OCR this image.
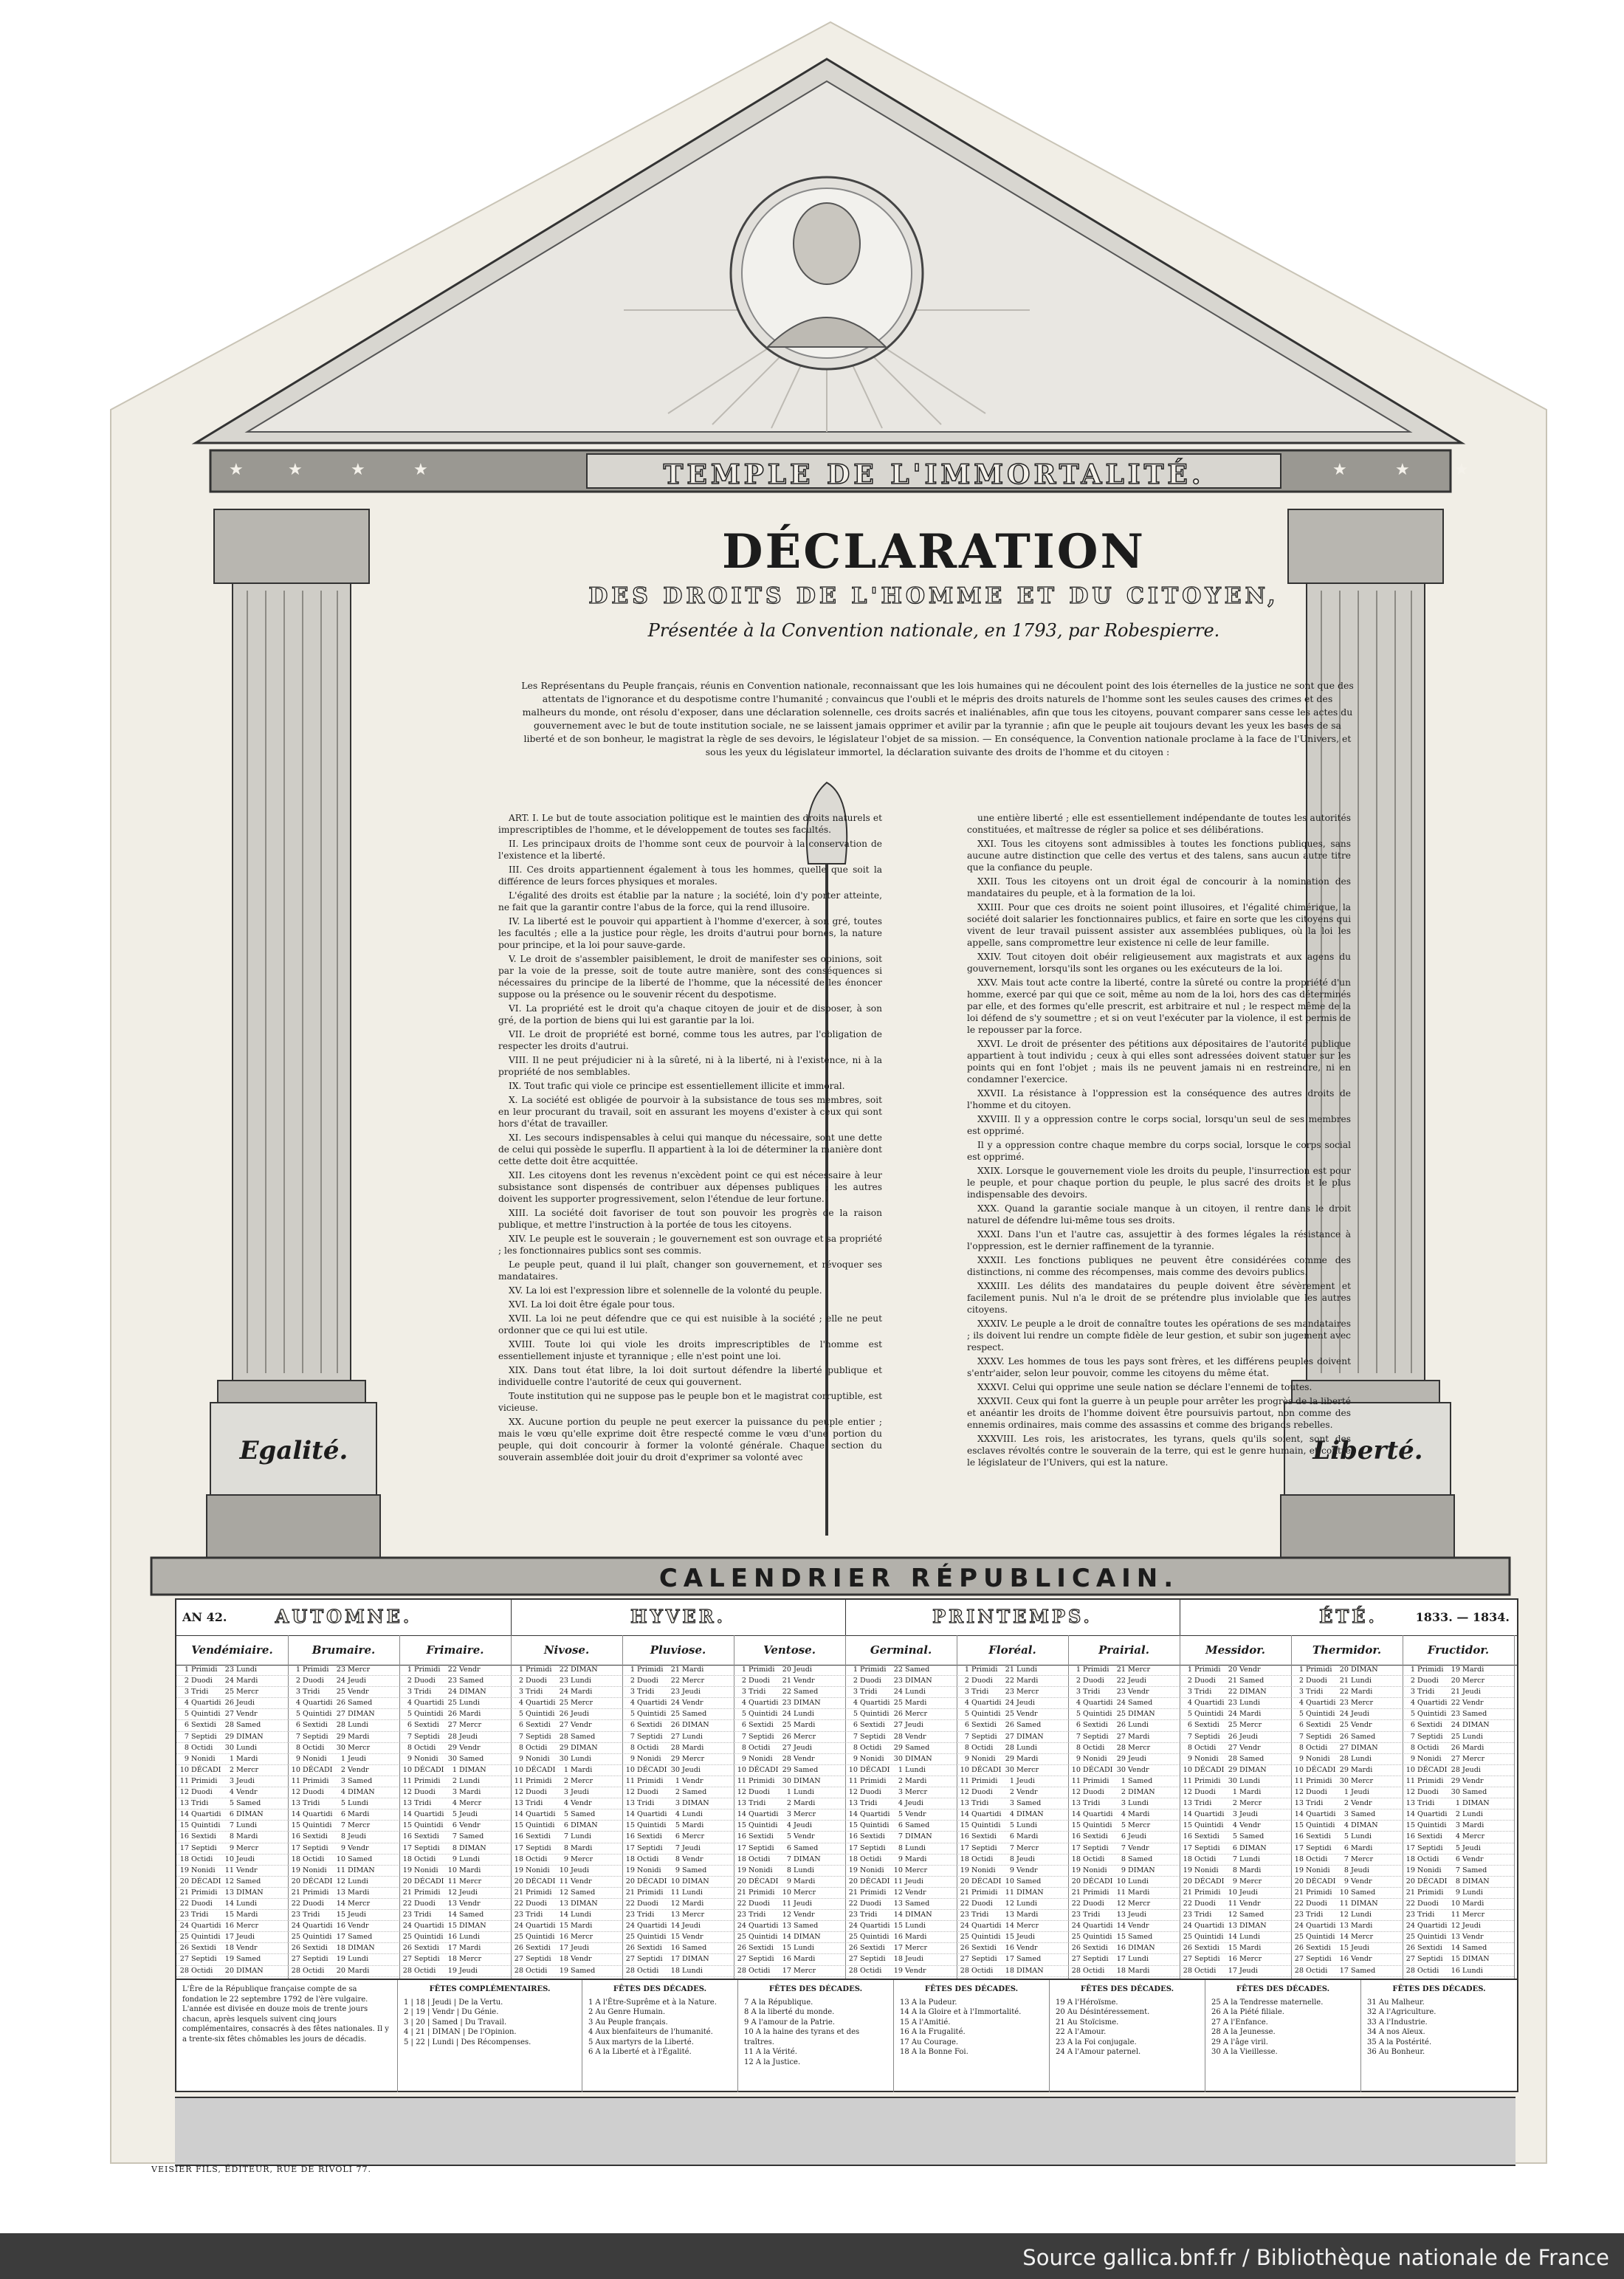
★	★	★	★	★	★	★
TEMPLE DE L'IMMORTALITÉ.
DÉCLARATION
DES DROITS DE L'HOMME ET DU CITOYEN,
Présentée à la Convention nationale, en 1793, par Robespierre.
Les Représentans du Peuple français, réunis en Convention nationale, reconnaissant que les lois humaines qui ne découlent point des lois éternelles de la justice ne sont que des attentats de l'ignorance et du despotisme contre l'humanité ; convaincus que l'oubli et le mépris des droits naturels de l'homme sont les seules causes des crimes et des malheurs du monde, ont résolu d'exposer, dans une déclaration solennelle, ces droits sacrés et inaliénables, afin que tous les citoyens, pouvant comparer sans cesse les actes du gouvernement avec le but de toute institution sociale, ne se laissent jamais opprimer et avilir par la tyrannie ; afin que le peuple ait toujours devant les yeux les bases de sa liberté et de son bonheur, le magistrat la règle de ses devoirs, le législateur l'objet de sa mission. — En conséquence, la Convention nationale proclame à la face de l'Univers, et sous les yeux du législateur immortel, la déclaration suivante des droits de l'homme et du citoyen :

ART. I. Le but de toute association politique est le maintien des droits naturels et imprescriptibles de l'homme, et le développement de toutes ses facultés.

II. Les principaux droits de l'homme sont ceux de pourvoir à la conservation de l'existence et la liberté.

III. Ces droits appartiennent également à tous les hommes, quelle que soit la différence de leurs forces physiques et morales.

L'égalité des droits est établie par la nature ; la société, loin d'y porter atteinte, ne fait que la garantir contre l'abus de la force, qui la rend illusoire.

IV. La liberté est le pouvoir qui appartient à l'homme d'exercer, à son gré, toutes les facultés ; elle a la justice pour règle, les droits d'autrui pour bornes, la nature pour principe, et la loi pour sauve-garde.

V. Le droit de s'assembler paisiblement, le droit de manifester ses opinions, soit par la voie de la presse, soit de toute autre manière, sont des conséquences si nécessaires du principe de la liberté de l'homme, que la nécessité de les énoncer suppose ou la présence ou le souvenir récent du despotisme.

VI. La propriété est le droit qu'a chaque citoyen de jouir et de disposer, à son gré, de la portion de biens qui lui est garantie par la loi.

VII. Le droit de propriété est borné, comme tous les autres, par l'obligation de respecter les droits d'autrui.

VIII. Il ne peut préjudicier ni à la sûreté, ni à la liberté, ni à l'existence, ni à la propriété de nos semblables.

IX. Tout trafic qui viole ce principe est essentiellement illicite et immoral.

X. La société est obligée de pourvoir à la subsistance de tous ses membres, soit en leur procurant du travail, soit en assurant les moyens d'exister à ceux qui sont hors d'état de travailler.

XI. Les secours indispensables à celui qui manque du nécessaire, sont une dette de celui qui possède le superflu. Il appartient à la loi de déterminer la manière dont cette dette doit être acquittée.

XII. Les citoyens dont les revenus n'excèdent point ce qui est nécessaire à leur subsistance sont dispensés de contribuer aux dépenses publiques ; les autres doivent les supporter progressivement, selon l'étendue de leur fortune.

XIII. La société doit favoriser de tout son pouvoir les progrès de la raison publique, et mettre l'instruction à la portée de tous les citoyens.

XIV. Le peuple est le souverain ; le gouvernement est son ouvrage et sa propriété ; les fonctionnaires publics sont ses commis.

Le peuple peut, quand il lui plaît, changer son gouvernement, et révoquer ses mandataires.

XV. La loi est l'expression libre et solennelle de la volonté du peuple.

XVI. La loi doit être égale pour tous.

XVII. La loi ne peut défendre que ce qui est nuisible à la société ; elle ne peut ordonner que ce qui lui est utile.

XVIII. Toute loi qui viole les droits imprescriptibles de l'homme est essentiellement injuste et tyrannique ; elle n'est point une loi.

XIX. Dans tout état libre, la loi doit surtout défendre la liberté publique et individuelle contre l'autorité de ceux qui gouvernent.

Toute institution qui ne suppose pas le peuple bon et le magistrat corruptible, est vicieuse.

XX. Aucune portion du peuple ne peut exercer la puissance du peuple entier ; mais le vœu qu'elle exprime doit être respecté comme le vœu d'une portion du peuple, qui doit concourir à former la volonté générale. Chaque section du souverain assemblée doit jouir du droit d'exprimer sa volonté avec

une entière liberté ; elle est essentiellement indépendante de toutes les autorités constituées, et maîtresse de régler sa police et ses délibérations.

XXI. Tous les citoyens sont admissibles à toutes les fonctions publiques, sans aucune autre distinction que celle des vertus et des talens, sans aucun autre titre que la confiance du peuple.

XXII. Tous les citoyens ont un droit égal de concourir à la nomination des mandataires du peuple, et à la formation de la loi.

XXIII. Pour que ces droits ne soient point illusoires, et l'égalité chimérique, la société doit salarier les fonctionnaires publics, et faire en sorte que les citoyens qui vivent de leur travail puissent assister aux assemblées publiques, où la loi les appelle, sans compromettre leur existence ni celle de leur famille.

XXIV. Tout citoyen doit obéir religieusement aux magistrats et aux agens du gouvernement, lorsqu'ils sont les organes ou les exécuteurs de la loi.

XXV. Mais tout acte contre la liberté, contre la sûreté ou contre la propriété d'un homme, exercé par qui que ce soit, même au nom de la loi, hors des cas déterminés par elle, et des formes qu'elle prescrit, est arbitraire et nul ; le respect même de la loi défend de s'y soumettre ; et si on veut l'exécuter par la violence, il est permis de le repousser par la force.

XXVI. Le droit de présenter des pétitions aux dépositaires de l'autorité publique appartient à tout individu ; ceux à qui elles sont adressées doivent statuer sur les points qui en font l'objet ; mais ils ne peuvent jamais ni en restreindre, ni en condamner l'exercice.

XXVII. La résistance à l'oppression est la conséquence des autres droits de l'homme et du citoyen.

XXVIII. Il y a oppression contre le corps social, lorsqu'un seul de ses membres est opprimé.

Il y a oppression contre chaque membre du corps social, lorsque le corps social est opprimé.

XXIX. Lorsque le gouvernement viole les droits du peuple, l'insurrection est pour le peuple, et pour chaque portion du peuple, le plus sacré des droits et le plus indispensable des devoirs.

XXX. Quand la garantie sociale manque à un citoyen, il rentre dans le droit naturel de défendre lui-même tous ses droits.

XXXI. Dans l'un et l'autre cas, assujettir à des formes légales la résistance à l'oppression, est le dernier raffinement de la tyrannie.

XXXII. Les fonctions publiques ne peuvent être considérées comme des distinctions, ni comme des récompenses, mais comme des devoirs publics.

XXXIII. Les délits des mandataires du peuple doivent être sévèrement et facilement punis. Nul n'a le droit de se prétendre plus inviolable que les autres citoyens.

XXXIV. Le peuple a le droit de connaître toutes les opérations de ses mandataires ; ils doivent lui rendre un compte fidèle de leur gestion, et subir son jugement avec respect.

XXXV. Les hommes de tous les pays sont frères, et les différens peuples doivent s'entr'aider, selon leur pouvoir, comme les citoyens du même état.

XXXVI. Celui qui opprime une seule nation se déclare l'ennemi de toutes.

XXXVII. Ceux qui font la guerre à un peuple pour arrêter les progrès de la liberté et anéantir les droits de l'homme doivent être poursuivis partout, non comme des ennemis ordinaires, mais comme des assassins et comme des brigands rebelles.

XXXVIII. Les rois, les aristocrates, les tyrans, quels qu'ils soient, sont des esclaves révoltés contre le souverain de la terre, qui est le genre humain, et contre le législateur de l'Univers, qui est la nature.

Egalité.	Liberté.
CALENDRIER RÉPUBLICAIN.
AN 42.	AUTOMNE.	HYVER.	PRINTEMPS.	ÉTÉ.	1833. — 1834.
Vendémiaire.	Brumaire.	Frimaire.	Nivose.	Pluviose.	Ventose.	Germinal.	Floréal.	Prairial.	Messidor.	Thermidor.	Fructidor.
L'Ère de la République française compte de sa fondation le 22 septembre 1792 de l'ère vulgaire. L'année est divisée en douze mois de trente jours chacun, après lesquels suivent cinq jours complémentaires, consacrés à des fêtes nationales. Il y a trente-six fêtes chômables les jours de décadis.
FÊTES COMPLÉMENTAIRES.
1 | 18 | Jeudi | De la Vertu.
2 | 19 | Vendr | Du Génie.
3 | 20 | Samed | Du Travail.
4 | 21 | DIMAN | De l'Opinion.
5 | 22 | Lundi | Des Récompenses.
FÊTES DES DÉCADES.
1 A l'Être-Suprême et à la Nature.
2 Au Genre Humain.
3 Au Peuple français.
4 Aux bienfaiteurs de l'humanité.
5 Aux martyrs de la Liberté.
6 A la Liberté et à l'Égalité.
FÊTES DES DÉCADES.
7 A la République.
8 A la liberté du monde.
9 A l'amour de la Patrie.
10 A la haine des tyrans et des traîtres.
11 A la Vérité.
12 A la Justice.
FÊTES DES DÉCADES.
13 A la Pudeur.
14 A la Gloire et à l'Immortalité.
15 A l'Amitié.
16 A la Frugalité.
17 Au Courage.
18 A la Bonne Foi.
FÊTES DES DÉCADES.
19 A l'Héroïsme.
20 Au Désintéressement.
21 Au Stoïcisme.
22 A l'Amour.
23 A la Foi conjugale.
24 A l'Amour paternel.
FÊTES DES DÉCADES.
25 A la Tendresse maternelle.
26 A la Piété filiale.
27 A l'Enfance.
28 A la Jeunesse.
29 A l'âge viril.
30 A la Vieillesse.
FÊTES DES DÉCADES.
31 Au Malheur.
32 A l'Agriculture.
33 A l'Industrie.
34 A nos Aïeux.
35 A la Postérité.
36 Au Bonheur.
1 Primidi	23 Lundi
2 Duodi	24 Mardi
3 Tridi	25 Mercr
4 Quartidi 26 Jeudi
5 Quintidi 27 Vendr
6 Sextidi	28 Samed
7 Septidi	29 DIMAN
8 Octidi	30 Lundi
9 Nonidi	1 Mardi
10 DÉCADI	2 Mercr
11 Primidi	3 Jeudi
12 Duodi	4 Vendr
13 Tridi	5 Samed
14 Quartidi	6 DIMAN
15 Quintidi	7 Lundi
16 Sextidi	8 Mardi
17 Septidi	9 Mercr
18 Octidi	10 Jeudi
19 Nonidi	11 Vendr
20 DÉCADI 12 Samed
21 Primidi	13 DIMAN
22 Duodi	14 Lundi
23 Tridi	15 Mardi
24 Quartidi 16 Mercr
25 Quintidi 17 Jeudi
26 Sextidi	18 Vendr
27 Septidi	19 Samed
28 Octidi	20 DIMAN
1 Primidi	23 Mercr
2 Duodi	24 Jeudi
3 Tridi	25 Vendr
4 Quartidi 26 Samed
5 Quintidi 27 DIMAN
6 Sextidi	28 Lundi
7 Septidi	29 Mardi
8 Octidi	30 Mercr
9 Nonidi	1 Jeudi
10 DÉCADI	2 Vendr
11 Primidi	3 Samed
12 Duodi	4 DIMAN
13 Tridi	5 Lundi
14 Quartidi	6 Mardi
15 Quintidi	7 Mercr
16 Sextidi	8 Jeudi
17 Septidi	9 Vendr
18 Octidi	10 Samed
19 Nonidi	11 DIMAN
20 DÉCADI 12 Lundi
21 Primidi	13 Mardi
22 Duodi	14 Mercr
23 Tridi	15 Jeudi
24 Quartidi 16 Vendr
25 Quintidi 17 Samed
26 Sextidi	18 DIMAN
27 Septidi	19 Lundi
28 Octidi	20 Mardi
1 Primidi	22 Vendr
2 Duodi	23 Samed
3 Tridi	24 DIMAN
4 Quartidi 25 Lundi
5 Quintidi 26 Mardi
6 Sextidi	27 Mercr
7 Septidi	28 Jeudi
8 Octidi	29 Vendr
9 Nonidi	30 Samed
10 DÉCADI	1 DIMAN
11 Primidi	2 Lundi
12 Duodi	3 Mardi
13 Tridi	4 Mercr
14 Quartidi	5 Jeudi
15 Quintidi	6 Vendr
16 Sextidi	7 Samed
17 Septidi	8 DIMAN
18 Octidi	9 Lundi
19 Nonidi	10 Mardi
20 DÉCADI 11 Mercr
21 Primidi	12 Jeudi
22 Duodi	13 Vendr
23 Tridi	14 Samed
24 Quartidi 15 DIMAN
25 Quintidi 16 Lundi
26 Sextidi	17 Mardi
27 Septidi	18 Mercr
28 Octidi	19 Jeudi
1 Primidi	22 DIMAN
2 Duodi	23 Lundi
3 Tridi	24 Mardi
4 Quartidi 25 Mercr
5 Quintidi 26 Jeudi
6 Sextidi	27 Vendr
7 Septidi	28 Samed
8 Octidi	29 DIMAN
9 Nonidi	30 Lundi
10 DÉCADI	1 Mardi
11 Primidi	2 Mercr
12 Duodi	3 Jeudi
13 Tridi	4 Vendr
14 Quartidi	5 Samed
15 Quintidi	6 DIMAN
16 Sextidi	7 Lundi
17 Septidi	8 Mardi
18 Octidi	9 Mercr
19 Nonidi	10 Jeudi
20 DÉCADI 11 Vendr
21 Primidi	12 Samed
22 Duodi	13 DIMAN
23 Tridi	14 Lundi
24 Quartidi 15 Mardi
25 Quintidi 16 Mercr
26 Sextidi	17 Jeudi
27 Septidi	18 Vendr
28 Octidi	19 Samed
1 Primidi	21 Mardi
2 Duodi	22 Mercr
3 Tridi	23 Jeudi
4 Quartidi 24 Vendr
5 Quintidi 25 Samed
6 Sextidi	26 DIMAN
7 Septidi	27 Lundi
8 Octidi	28 Mardi
9 Nonidi	29 Mercr
10 DÉCADI 30 Jeudi
11 Primidi	1 Vendr
12 Duodi	2 Samed
13 Tridi	3 DIMAN
14 Quartidi	4 Lundi
15 Quintidi	5 Mardi
16 Sextidi	6 Mercr
17 Septidi	7 Jeudi
18 Octidi	8 Vendr
19 Nonidi	9 Samed
20 DÉCADI 10 DIMAN
21 Primidi	11 Lundi
22 Duodi	12 Mardi
23 Tridi	13 Mercr
24 Quartidi 14 Jeudi
25 Quintidi 15 Vendr
26 Sextidi	16 Samed
27 Septidi	17 DIMAN
28 Octidi	18 Lundi
1 Primidi	20 Jeudi
2 Duodi	21 Vendr
3 Tridi	22 Samed
4 Quartidi 23 DIMAN
5 Quintidi 24 Lundi
6 Sextidi	25 Mardi
7 Septidi	26 Mercr
8 Octidi	27 Jeudi
9 Nonidi	28 Vendr
10 DÉCADI 29 Samed
11 Primidi	30 DIMAN
12 Duodi	1 Lundi
13 Tridi	2 Mardi
14 Quartidi	3 Mercr
15 Quintidi	4 Jeudi
16 Sextidi	5 Vendr
17 Septidi	6 Samed
18 Octidi	7 DIMAN
19 Nonidi	8 Lundi
20 DÉCADI	9 Mardi
21 Primidi	10 Mercr
22 Duodi	11 Jeudi
23 Tridi	12 Vendr
24 Quartidi 13 Samed
25 Quintidi 14 DIMAN
26 Sextidi	15 Lundi
27 Septidi	16 Mardi
28 Octidi	17 Mercr
1 Primidi	22 Samed
2 Duodi	23 DIMAN
3 Tridi	24 Lundi
4 Quartidi 25 Mardi
5 Quintidi 26 Mercr
6 Sextidi	27 Jeudi
7 Septidi	28 Vendr
8 Octidi	29 Samed
9 Nonidi	30 DIMAN
10 DÉCADI	1 Lundi
11 Primidi	2 Mardi
12 Duodi	3 Mercr
13 Tridi	4 Jeudi
14 Quartidi	5 Vendr
15 Quintidi	6 Samed
16 Sextidi	7 DIMAN
17 Septidi	8 Lundi
18 Octidi	9 Mardi
19 Nonidi	10 Mercr
20 DÉCADI 11 Jeudi
21 Primidi	12 Vendr
22 Duodi	13 Samed
23 Tridi	14 DIMAN
24 Quartidi 15 Lundi
25 Quintidi 16 Mardi
26 Sextidi	17 Mercr
27 Septidi	18 Jeudi
28 Octidi	19 Vendr
1 Primidi	21 Lundi
2 Duodi	22 Mardi
3 Tridi	23 Mercr
4 Quartidi 24 Jeudi
5 Quintidi 25 Vendr
6 Sextidi	26 Samed
7 Septidi	27 DIMAN
8 Octidi	28 Lundi
9 Nonidi	29 Mardi
10 DÉCADI 30 Mercr
11 Primidi	1 Jeudi
12 Duodi	2 Vendr
13 Tridi	3 Samed
14 Quartidi	4 DIMAN
15 Quintidi	5 Lundi
16 Sextidi	6 Mardi
17 Septidi	7 Mercr
18 Octidi	8 Jeudi
19 Nonidi	9 Vendr
20 DÉCADI 10 Samed
21 Primidi	11 DIMAN
22 Duodi	12 Lundi
23 Tridi	13 Mardi
24 Quartidi 14 Mercr
25 Quintidi 15 Jeudi
26 Sextidi	16 Vendr
27 Septidi	17 Samed
28 Octidi	18 DIMAN
1 Primidi	21 Mercr
2 Duodi	22 Jeudi
3 Tridi	23 Vendr
4 Quartidi 24 Samed
5 Quintidi 25 DIMAN
6 Sextidi	26 Lundi
7 Septidi	27 Mardi
8 Octidi	28 Mercr
9 Nonidi	29 Jeudi
10 DÉCADI 30 Vendr
11 Primidi	1 Samed
12 Duodi	2 DIMAN
13 Tridi	3 Lundi
14 Quartidi	4 Mardi
15 Quintidi	5 Mercr
16 Sextidi	6 Jeudi
17 Septidi	7 Vendr
18 Octidi	8 Samed
19 Nonidi	9 DIMAN
20 DÉCADI 10 Lundi
21 Primidi	11 Mardi
22 Duodi	12 Mercr
23 Tridi	13 Jeudi
24 Quartidi 14 Vendr
25 Quintidi 15 Samed
26 Sextidi	16 DIMAN
27 Septidi	17 Lundi
28 Octidi	18 Mardi
1 Primidi	20 Vendr
2 Duodi	21 Samed
3 Tridi	22 DIMAN
4 Quartidi 23 Lundi
5 Quintidi 24 Mardi
6 Sextidi	25 Mercr
7 Septidi	26 Jeudi
8 Octidi	27 Vendr
9 Nonidi	28 Samed
10 DÉCADI 29 DIMAN
11 Primidi	30 Lundi
12 Duodi	1 Mardi
13 Tridi	2 Mercr
14 Quartidi	3 Jeudi
15 Quintidi	4 Vendr
16 Sextidi	5 Samed
17 Septidi	6 DIMAN
18 Octidi	7 Lundi
19 Nonidi	8 Mardi
20 DÉCADI	9 Mercr
21 Primidi	10 Jeudi
22 Duodi	11 Vendr
23 Tridi	12 Samed
24 Quartidi 13 DIMAN
25 Quintidi 14 Lundi
26 Sextidi	15 Mardi
27 Septidi	16 Mercr
28 Octidi	17 Jeudi
1 Primidi	20 DIMAN
2 Duodi	21 Lundi
3 Tridi	22 Mardi
4 Quartidi 23 Mercr
5 Quintidi 24 Jeudi
6 Sextidi	25 Vendr
7 Septidi	26 Samed
8 Octidi	27 DIMAN
9 Nonidi	28 Lundi
10 DÉCADI 29 Mardi
11 Primidi	30 Mercr
12 Duodi	1 Jeudi
13 Tridi	2 Vendr
14 Quartidi	3 Samed
15 Quintidi	4 DIMAN
16 Sextidi	5 Lundi
17 Septidi	6 Mardi
18 Octidi	7 Mercr
19 Nonidi	8 Jeudi
20 DÉCADI	9 Vendr
21 Primidi	10 Samed
22 Duodi	11 DIMAN
23 Tridi	12 Lundi
24 Quartidi 13 Mardi
25 Quintidi 14 Mercr
26 Sextidi	15 Jeudi
27 Septidi	16 Vendr
28 Octidi	17 Samed
1 Primidi	19 Mardi
2 Duodi	20 Mercr
3 Tridi	21 Jeudi
4 Quartidi 22 Vendr
5 Quintidi 23 Samed
6 Sextidi	24 DIMAN
7 Septidi	25 Lundi
8 Octidi	26 Mardi
9 Nonidi	27 Mercr
10 DÉCADI 28 Jeudi
11 Primidi	29 Vendr
12 Duodi	30 Samed
13 Tridi	1 DIMAN
14 Quartidi	2 Lundi
15 Quintidi	3 Mardi
16 Sextidi	4 Mercr
17 Septidi	5 Jeudi
18 Octidi	6 Vendr
19 Nonidi	7 Samed
20 DÉCADI	8 DIMAN
21 Primidi	9 Lundi
22 Duodi	10 Mardi
23 Tridi	11 Mercr
24 Quartidi 12 Jeudi
25 Quintidi 13 Vendr
26 Sextidi	14 Samed
27 Septidi	15 DIMAN
28 Octidi	16 Lundi
VEISIER FILS, ÉDITEUR, RUE DE RIVOLI 77.
Source gallica.bnf.fr / Bibliothèque nationale de France
